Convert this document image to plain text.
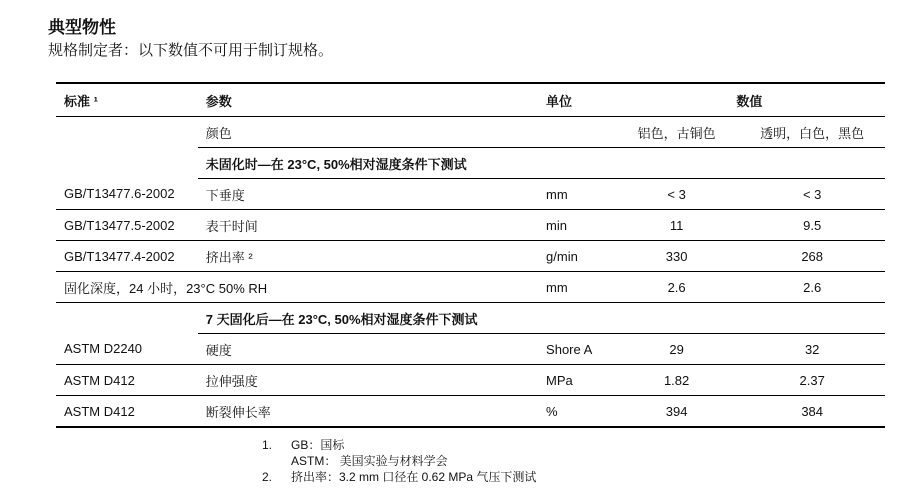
典型物性
规格制定者：以下数值不可用于制订规格。
标准 ¹	参数	单位	数值	
	颜色		铝色，古铜色	透明，白色，黑色
	未固化时—在 23°C, 50%相对湿度条件下测试			
GB/T13477.6-2002	下垂度	mm	< 3	< 3
GB/T13477.5-2002	表干时间	min	11	9.5
GB/T13477.4-2002	挤出率 ²	g/min	330	268
固化深度，24 小时，23°C 50% RH		mm	2.6	2.6
	7 天固化后—在 23°C, 50%相对湿度条件下测试			
ASTM D2240	硬度	Shore A	29	32
ASTM D412	拉伸强度	MPa	1.82	2.37
ASTM D412	断裂伸长率	%	394	384
1.	GB：国标
ASTM： 美国实验与材料学会
2.	挤出率：3.2 mm 口径在 0.62 MPa 气压下测试
